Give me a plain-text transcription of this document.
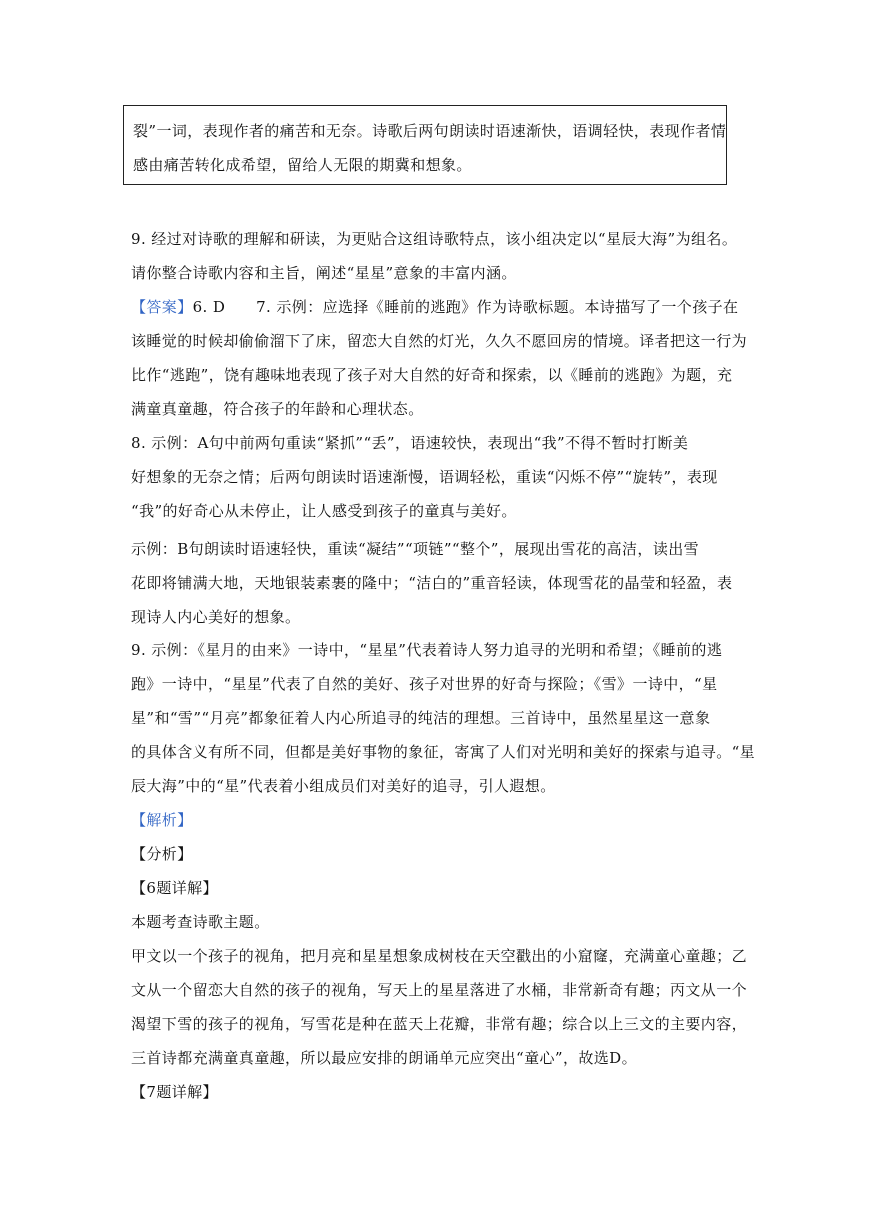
裂”一词，表现作者的痛苦和无奈。诗歌后两句朗读时语速渐快，语调轻快，表现作者情
感由痛苦转化成希望，留给人无限的期冀和想象。
9. 经过对诗歌的理解和研读，为更贴合这组诗歌特点，该小组决定以“星辰大海”为组名。
请你整合诗歌内容和主旨，阐述“星星”意象的丰富内涵。
【答案】6. D　　7. 示例：应选择《睡前的逃跑》作为诗歌标题。本诗描写了一个孩子在
该睡觉的时候却偷偷溜下了床，留恋大自然的灯光，久久不愿回房的情境。译者把这一行为
比作“逃跑”，饶有趣味地表现了孩子对大自然的好奇和探索，以《睡前的逃跑》为题，充
满童真童趣，符合孩子的年龄和心理状态。
8. 示例：A句中前两句重读“紧抓”“丢”，语速较快，表现出“我”不得不暂时打断美
好想象的无奈之情；后两句朗读时语速渐慢，语调轻松，重读“闪烁不停”“旋转”，表现
“我”的好奇心从未停止，让人感受到孩子的童真与美好。
示例：B句朗读时语速轻快，重读“凝结”“项链”“整个”，展现出雪花的高洁，读出雪
花即将铺满大地，天地银装素裹的隆中；“洁白的”重音轻读，体现雪花的晶莹和轻盈，表
现诗人内心美好的想象。
9. 示例：《星月的由来》一诗中，“星星”代表着诗人努力追寻的光明和希望；《睡前的逃
跑》一诗中，“星星”代表了自然的美好、孩子对世界的好奇与探险；《雪》一诗中，“星
星”和“雪”“月亮”都象征着人内心所追寻的纯洁的理想。三首诗中，虽然星星这一意象
的具体含义有所不同，但都是美好事物的象征，寄寓了人们对光明和美好的探索与追寻。“星
辰大海”中的“星”代表着小组成员们对美好的追寻，引人遐想。
【解析】
【分析】
【6题详解】
本题考查诗歌主题。
甲文以一个孩子的视角，把月亮和星星想象成树枝在天空戳出的小窟窿，充满童心童趣；乙
文从一个留恋大自然的孩子的视角，写天上的星星落进了水桶，非常新奇有趣；丙文从一个
渴望下雪的孩子的视角，写雪花是种在蓝天上花瓣，非常有趣；综合以上三文的主要内容，
三首诗都充满童真童趣，所以最应安排的朗诵单元应突出“童心”，故选D。
【7题详解】
